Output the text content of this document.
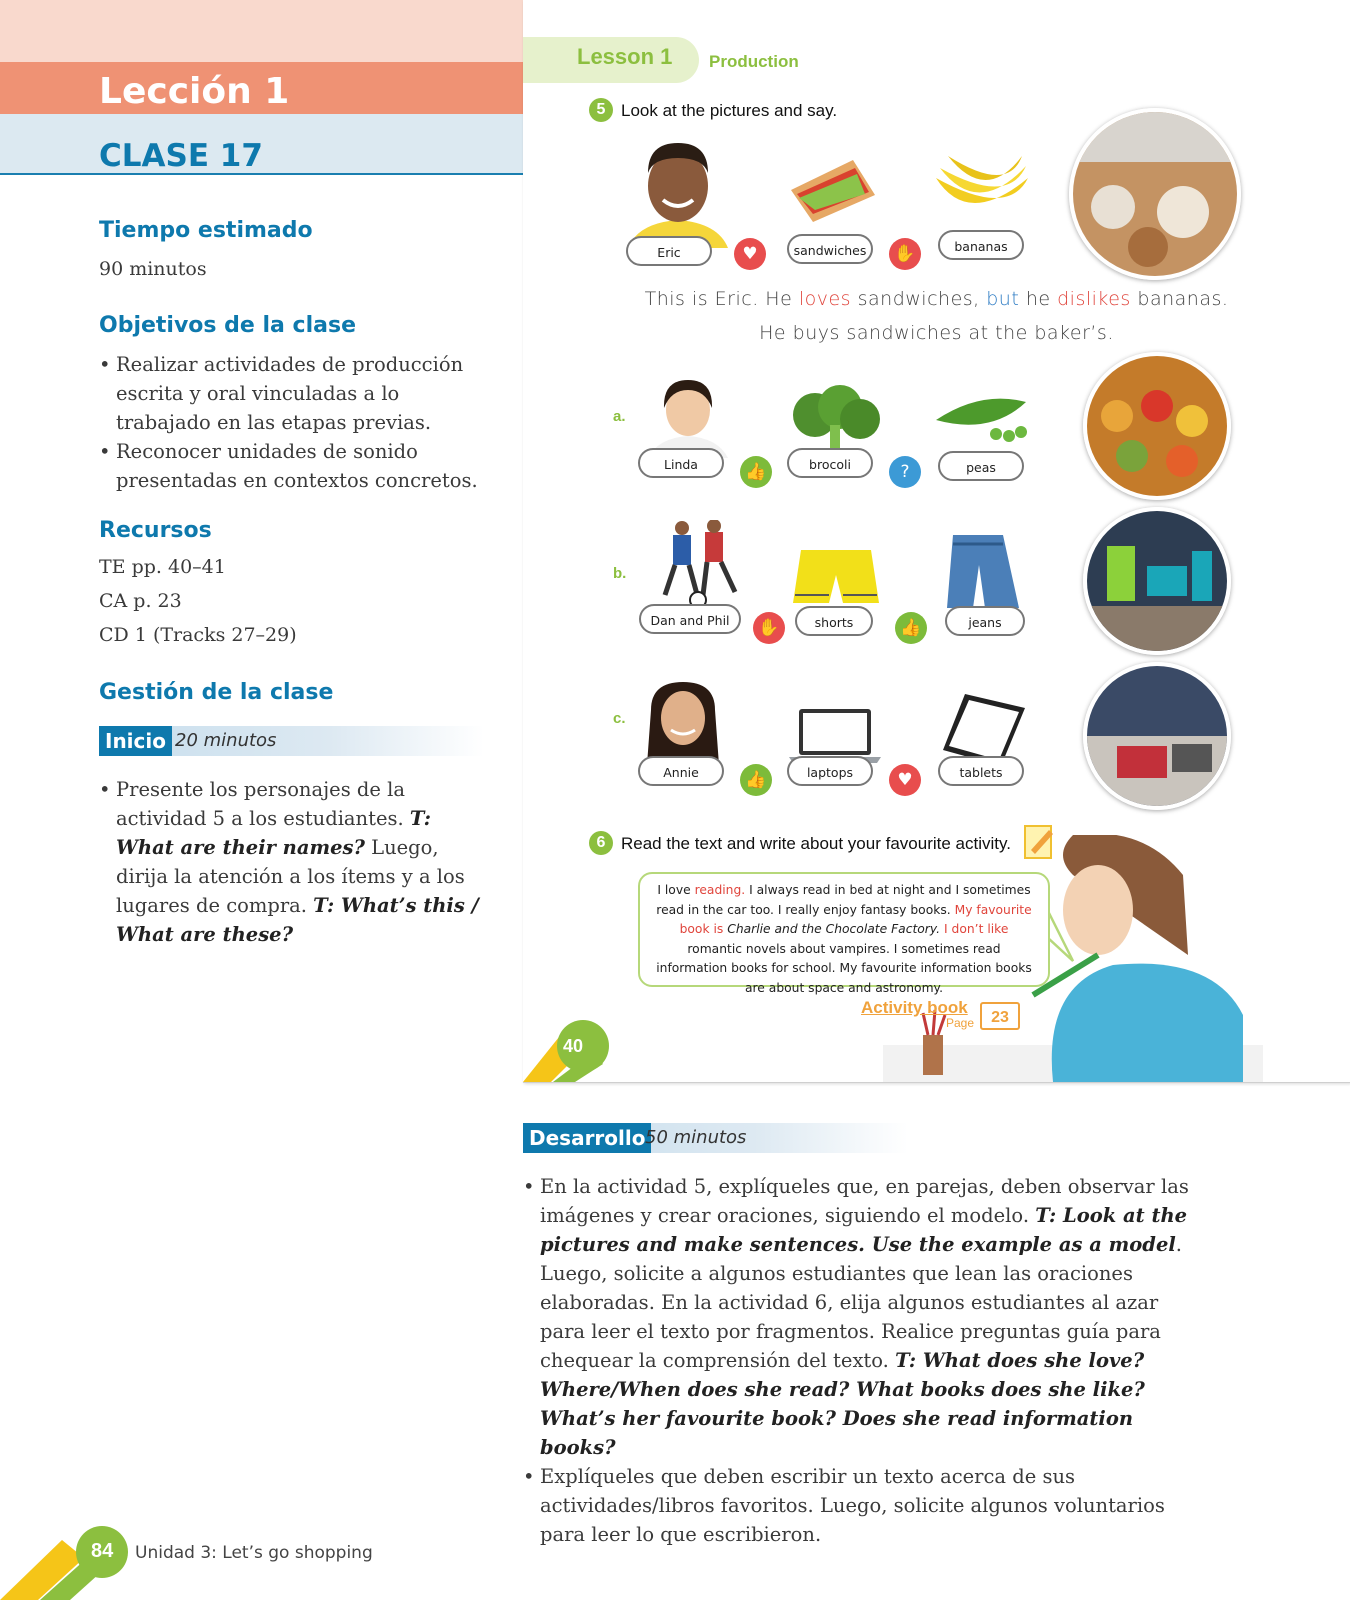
Lección 1
CLASE 17
Tiempo estimado

90 minutos

Objetivos de la clase
• Realizar actividades de producción escrita y oral vinculadas a lo trabajado en las etapas previas.
• Reconocer unidades de sonido presentadas en contextos concretos.
Recursos

TE pp. 40–41

CA p. 23

CD 1 (Tracks 27–29)

Gestión de la clase
Inicio 20 minutos
• Presente los personajes de la actividad 5 a los estudiantes. T: What are their names? Luego, dirija la atención a los ítems y a los lugares de compra. T: What’s this / What are these?
Lesson 1 Production
5 Look at the pictures and say.
Eric	♥	sandwiches	✋	bananas
This is Eric. He loves sandwiches, but he dislikes bananas.
He buys sandwiches at the baker’s.
a.
Linda	👍	brocoli	?	peas
b.
Dan and Phil	✋	shorts	👍	jeans
c.
Annie	👍	laptops	♥	tablets
6 Read the text and write about your favourite activity.
I love reading. I always read in bed at night and I sometimes read in the car too. I really enjoy fantasy books. My favourite book is Charlie and the Chocolate Factory. I don’t like romantic novels about vampires. I sometimes read information books for school. My favourite information books are about space and astronomy.
Activity book
Page	23
40
Desarrollo 50 minutos
• En la actividad 5, explíqueles que, en parejas, deben observar las imágenes y crear oraciones, siguiendo el modelo. T: Look at the pictures and make sentences. Use the example as a model. Luego, solicite a algunos estudiantes que lean las oraciones elaboradas. En la actividad 6, elija algunos estudiantes al azar para leer el texto por fragmentos. Realice preguntas guía para chequear la comprensión del texto. T: What does she love? Where/When does she read? What books does she like? What’s her favourite book? Does she read information books?
• Explíqueles que deben escribir un texto acerca de sus actividades/libros favoritos. Luego, solicite algunos voluntarios para leer lo que escribieron.
84 Unidad 3: Let’s go shopping
